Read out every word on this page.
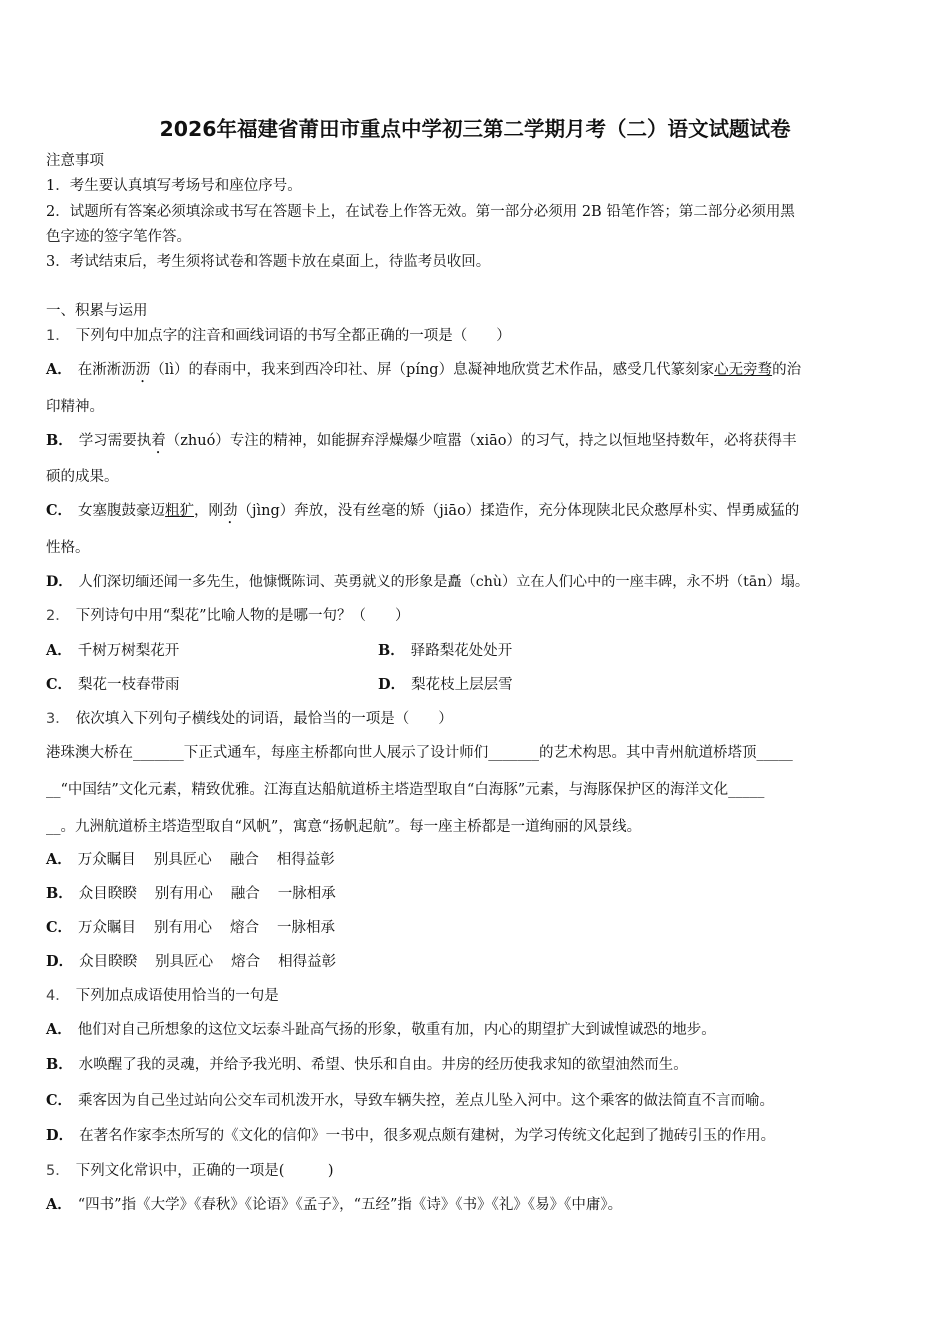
2026年福建省莆田市重点中学初三第二学期月考（二）语文试题试卷
注意事项
1．考生要认真填写考场号和座位序号。
2．试题所有答案必须填涂或书写在答题卡上，在试卷上作答无效。第一部分必须用 2B 铅笔作答；第二部分必须用黑
色字迹的签字笔作答。
3．考试结束后，考生须将试卷和答题卡放在桌面上，待监考员收回。
一、积累与运用
1． 下列句中加点字的注音和画线词语的书写全都正确的一项是（　　）
A． 在淅淅沥沥（lì）的春雨中，我来到西冷印社、屏（píng）息凝神地欣赏艺术作品，感受几代篆刻家心无旁骛的治
印精神。
B． 学习需要执着（zhuó）专注的精神，如能摒弃浮燥爆少喧嚣（xiāo）的习气，持之以恒地坚持数年，必将获得丰
硕的成果。
C． 女塞腹鼓豪迈粗犷，刚劲（jìng）奔放，没有丝毫的矫（jiāo）揉造作，充分体现陕北民众憨厚朴实、悍勇威猛的
性格。
D． 人们深切缅还闻一多先生，他慷慨陈词、英勇就义的形象是矗（chù）立在人们心中的一座丰碑，永不坍（tān）塌。
2． 下列诗句中用“梨花”比喻人物的是哪一句？（　　）
A． 千树万树梨花开	B． 驿路梨花处处开
C． 梨花一枝春带雨	D． 梨花枝上层层雪
3． 依次填入下列句子横线处的词语，最恰当的一项是（　　）
港珠澳大桥在_______下正式通车，每座主桥都向世人展示了设计师们_______的艺术构思。其中青州航道桥塔顶_____
__“中国结”文化元素，精致优雅。江海直达船航道桥主塔造型取自“白海豚”元素，与海豚保护区的海洋文化_____
__。九洲航道桥主塔造型取自“风帆”，寓意“扬帆起航”。每一座主桥都是一道绚丽的风景线。
A． 万众瞩目 别具匠心 融合 相得益彰
B． 众目睽睽 别有用心 融合 一脉相承
C． 万众瞩目 别有用心 熔合 一脉相承
D． 众目睽睽 别具匠心 熔合 相得益彰
4． 下列加点成语使用恰当的一句是
A． 他们对自己所想象的这位文坛泰斗趾高气扬的形象，敬重有加，内心的期望扩大到诚惶诚恐的地步。
B． 水唤醒了我的灵魂，并给予我光明、希望、快乐和自由。井房的经历使我求知的欲望油然而生。
C． 乘客因为自己坐过站向公交车司机泼开水，导致车辆失控，差点儿坠入河中。这个乘客的做法简直不言而喻。
D． 在著名作家李杰所写的《文化的信仰》一书中，很多观点颇有建树，为学习传统文化起到了抛砖引玉的作用。
5． 下列文化常识中，正确的一项是(　　　)
A． “四书”指《大学》《春秋》《论语》《孟子》，“五经”指《诗》《书》《礼》《易》《中庸》。
